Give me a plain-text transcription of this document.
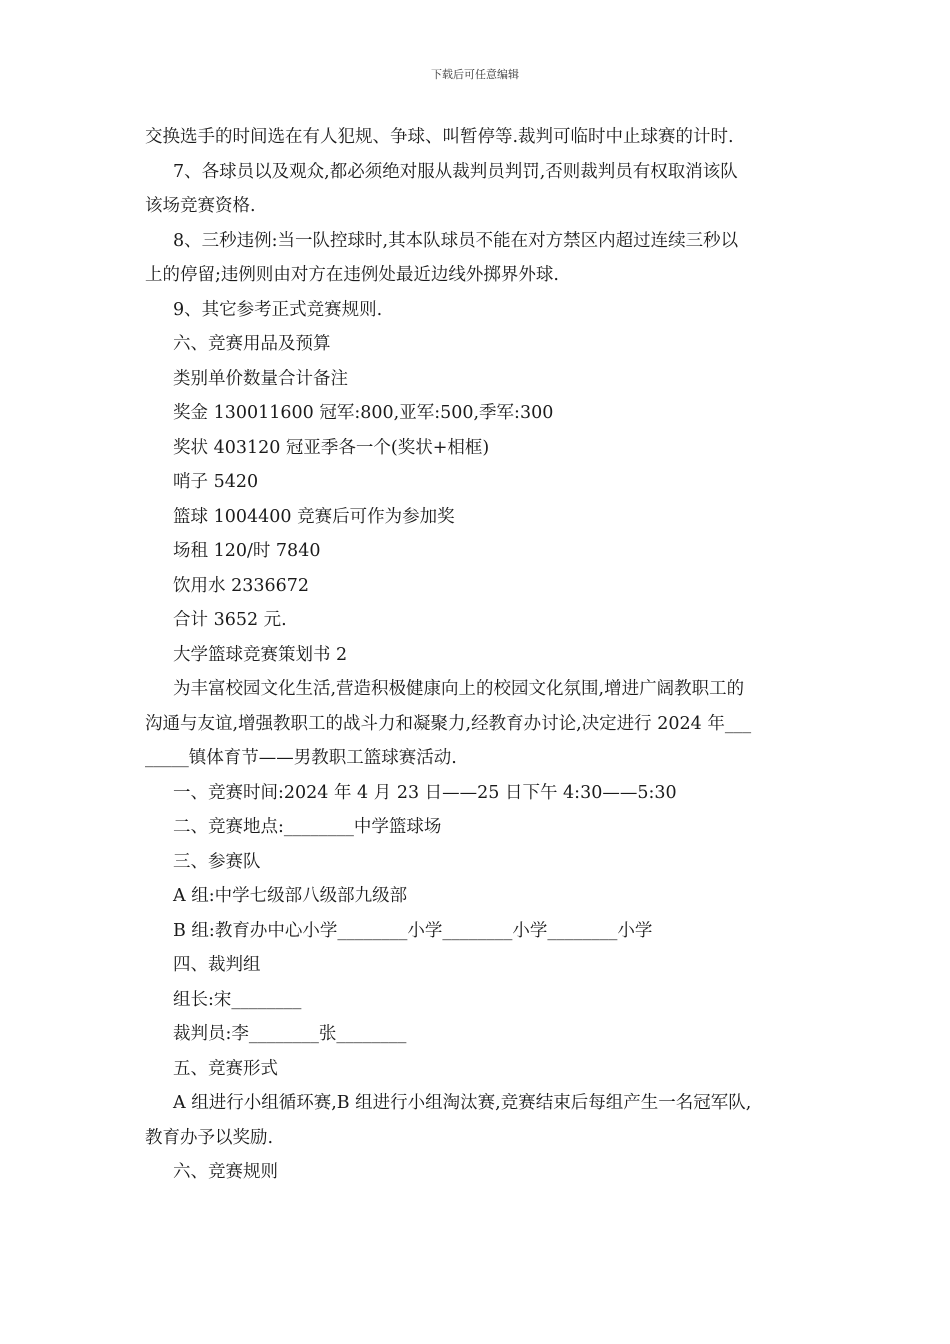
下载后可任意编辑
交换选手的时间选在有人犯规、争球、叫暂停等.裁判可临时中止球赛的计时.
7、各球员以及观众,都必须绝对服从裁判员判罚,否则裁判员有权取消该队
该场竞赛资格.
8、三秒违例:当一队控球时,其本队球员不能在对方禁区内超过连续三秒以
上的停留;违例则由对方在违例处最近边线外掷界外球.
9、其它参考正式竞赛规则.
六、竞赛用品及预算
类别单价数量合计备注
奖金 130011600 冠军:800,亚军:500,季军:300
奖状 403120 冠亚季各一个(奖状+相框)
哨子 5420
篮球 1004400 竞赛后可作为参加奖
场租 120/时 7840
饮用水 2336672
合计 3652 元.
大学篮球竞赛策划书 2
为丰富校园文化生活,营造积极健康向上的校园文化氛围,增进广阔教职工的
沟通与友谊,增强教职工的战斗力和凝聚力,经教育办讨论,决定进行 2024 年___
_____镇体育节——男教职工篮球赛活动.
一、竞赛时间:2024 年 4 月 23 日——25 日下午 4:30——5:30
二、竞赛地点:________中学篮球场
三、参赛队
A 组:中学七级部八级部九级部
B 组:教育办中心小学________小学________小学________小学
四、裁判组
组长:宋________
裁判员:李________张________
五、竞赛形式
A 组进行小组循环赛,B 组进行小组淘汰赛,竞赛结束后每组产生一名冠军队,
教育办予以奖励.
六、竞赛规则
